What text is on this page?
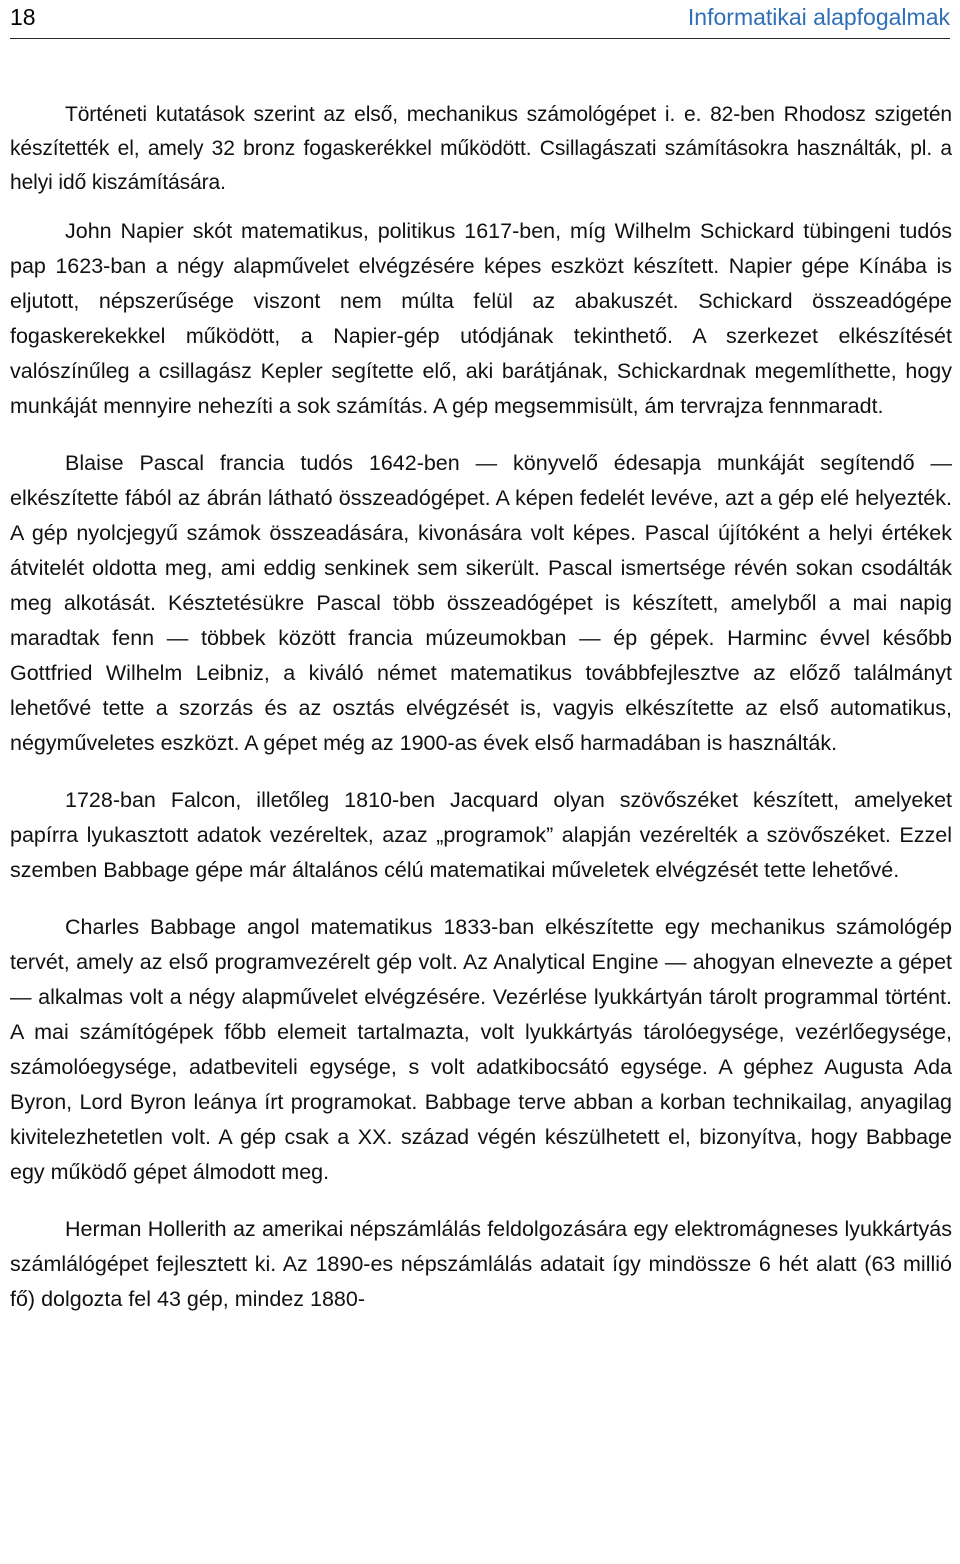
18	Informatikai alapfogalmak

Történeti kutatások szerint az első, mechanikus számológépet i. e. 82-ben Rhodosz szigetén készítették el, amely 32 bronz fogaskerékkel működött. Csillagászati számításokra használták, pl. a helyi idő kiszámítására.

John Napier skót matematikus, politikus 1617-ben, míg Wilhelm Schickard tübingeni tudós pap 1623-ban a négy alapművelet elvégzésére képes eszközt készített. Napier gépe Kínába is eljutott, népszerűsége viszont nem múlta felül az abakuszét. Schickard összeadógépe fogaskerekekkel működött, a Napier-gép utódjának tekinthető. A szerkezet elkészítését valószínűleg a csillagász Kepler segítette elő, aki barátjának, Schickardnak megemlíthette, hogy munkáját mennyire nehezíti a sok számítás. A gép megsemmisült, ám tervrajza fennmaradt.

Blaise Pascal francia tudós 1642-ben — könyvelő édesapja munkáját segítendő — elkészítette fából az ábrán látható összeadógépet. A képen fedelét levéve, azt a gép elé helyezték. A gép nyolcjegyű számok összeadására, kivonására volt képes. Pascal újítóként a helyi értékek átvitelét oldotta meg, ami eddig senkinek sem sikerült. Pascal ismertsége révén sokan csodálták meg alkotását. Késztetésükre Pascal több összeadógépet is készített, amelyből a mai napig maradtak fenn — többek között francia múzeumokban — ép gépek. Harminc évvel később Gottfried Wilhelm Leibniz, a kiváló német matematikus továbbfejlesztve az előző találmányt lehetővé tette a szorzás és az osztás elvégzését is, vagyis elkészítette az első automatikus, négyműveletes eszközt. A gépet még az 1900-as évek első harmadában is használták.

1728-ban Falcon, illetőleg 1810-ben Jacquard olyan szövőszéket készített, amelyeket papírra lyukasztott adatok vezéreltek, azaz „programok” alapján vezérelték a szövőszéket. Ezzel szemben Babbage gépe már általános célú matematikai műveletek elvégzését tette lehetővé.

Charles Babbage angol matematikus 1833-ban elkészítette egy mechanikus számológép tervét, amely az első programvezérelt gép volt. Az Analytical Engine — ahogyan elnevezte a gépet — alkalmas volt a négy alapművelet elvégzésére. Vezérlése lyukkártyán tárolt programmal történt. A mai számítógépek főbb elemeit tartalmazta, volt lyukkártyás tárolóegysége, vezérlőegysége, számolóegysége, adatbeviteli egysége, s volt adatkibocsátó egysége. A géphez Augusta Ada Byron, Lord Byron leánya írt programokat. Babbage terve abban a korban technikailag, anyagilag kivitelezhetetlen volt. A gép csak a XX. század végén készülhetett el, bizonyítva, hogy Babbage egy működő gépet álmodott meg.

Herman Hollerith az amerikai népszámlálás feldolgozására egy elektromágneses lyukkártyás számlálógépet fejlesztett ki. Az 1890-es népszámlálás adatait így mindössze 6 hét alatt (63 millió fő) dolgozta fel 43 gép, mindez 1880-
